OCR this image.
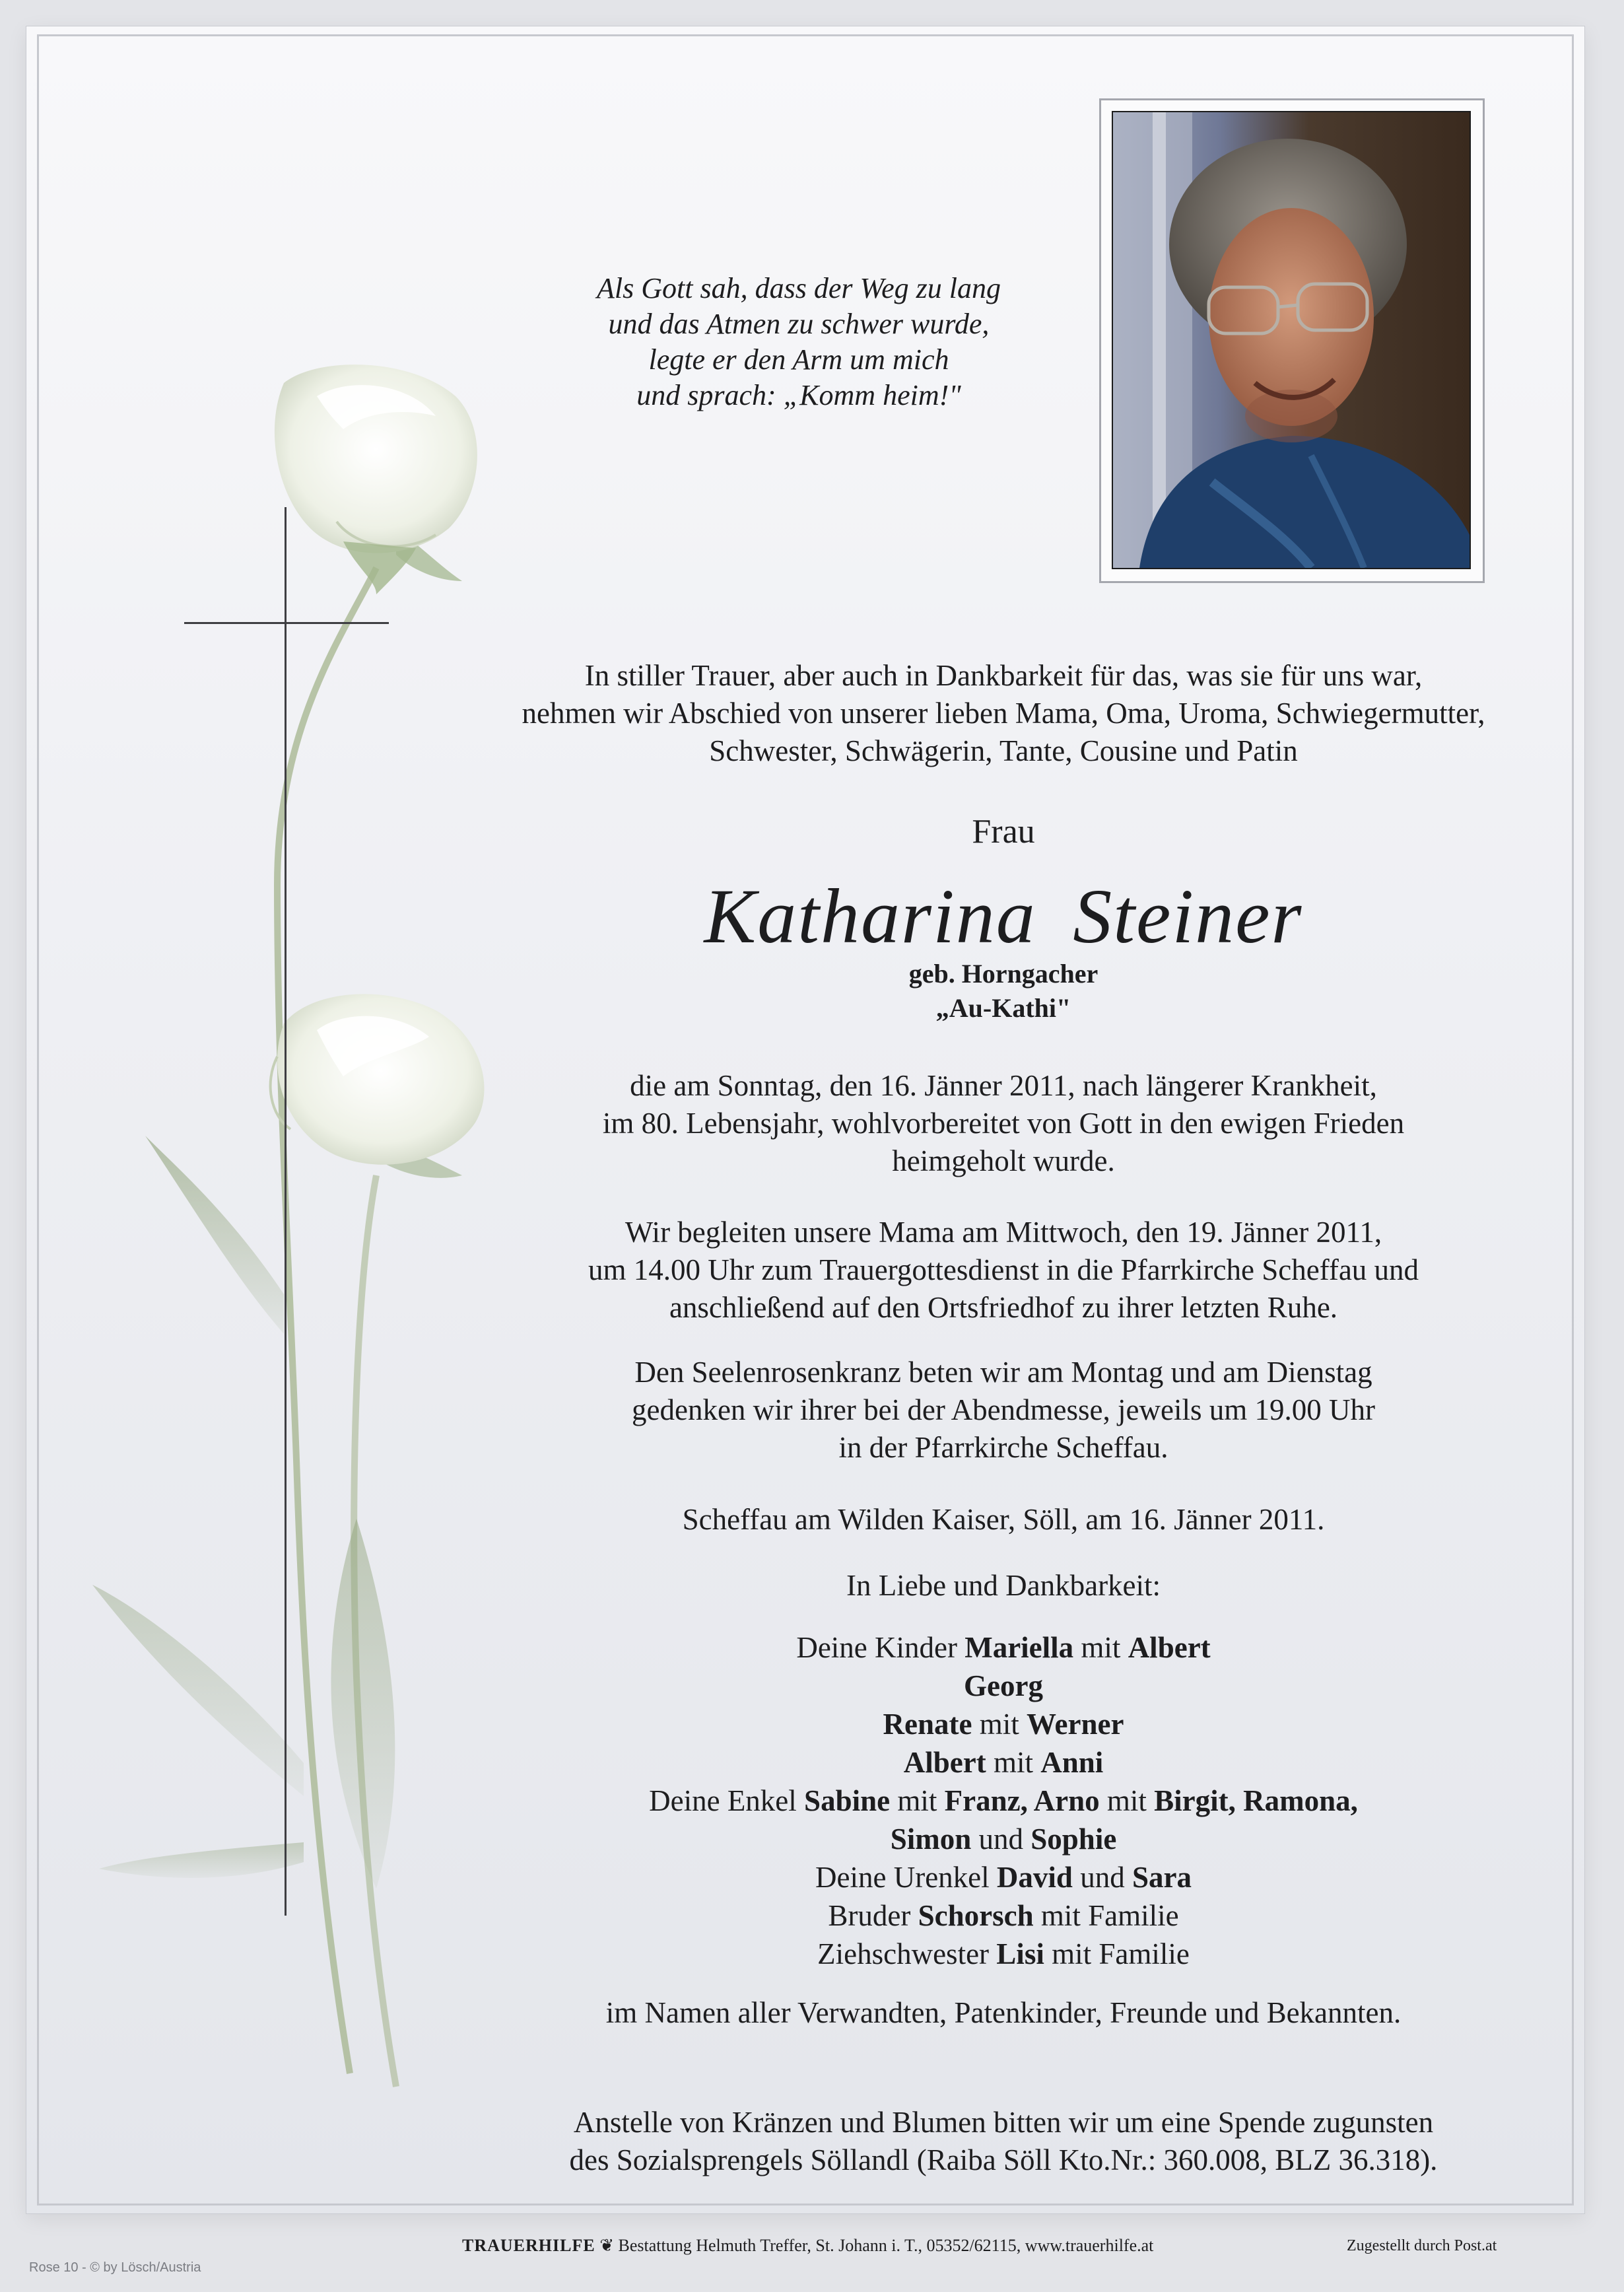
Als Gott sah, dass der Weg zu lang
und das Atmen zu schwer wurde,
legte er den Arm um mich
und sprach: „Komm heim!"
In stiller Trauer, aber auch in Dankbarkeit für das, was sie für uns war,
nehmen wir Abschied von unserer lieben Mama, Oma, Uroma, Schwiegermutter,
Schwester, Schwägerin, Tante, Cousine und Patin
Frau
Katharina Steiner
geb. Horngacher
„Au-Kathi"
die am Sonntag, den 16. Jänner 2011, nach längerer Krankheit,
im 80. Lebensjahr, wohlvorbereitet von Gott in den ewigen Frieden
heimgeholt wurde.
Wir begleiten unsere Mama am Mittwoch, den 19. Jänner 2011,
um 14.00 Uhr zum Trauergottesdienst in die Pfarrkirche Scheffau und
anschließend auf den Ortsfriedhof zu ihrer letzten Ruhe.
Den Seelenrosenkranz beten wir am Montag und am Dienstag
gedenken wir ihrer bei der Abendmesse, jeweils um 19.00 Uhr
in der Pfarrkirche Scheffau.
Scheffau am Wilden Kaiser, Söll, am 16. Jänner 2011.
In Liebe und Dankbarkeit:
Deine Kinder Mariella mit Albert
Georg
Renate mit Werner
Albert mit Anni
Deine Enkel Sabine mit Franz, Arno mit Birgit, Ramona,
Simon und Sophie
Deine Urenkel David und Sara
Bruder Schorsch mit Familie
Ziehschwester Lisi mit Familie
im Namen aller Verwandten, Patenkinder, Freunde und Bekannten.
Anstelle von Kränzen und Blumen bitten wir um eine Spende zugunsten
des Sozialsprengels Söllandl (Raiba Söll Kto.Nr.: 360.008, BLZ 36.318).
TRAUERHILFE ❦ Bestattung Helmuth Treffer, St. Johann i. T., 05352/62115, www.trauerhilfe.at	Zugestellt durch Post.at
Rose 10 - © by Lösch/Austria
